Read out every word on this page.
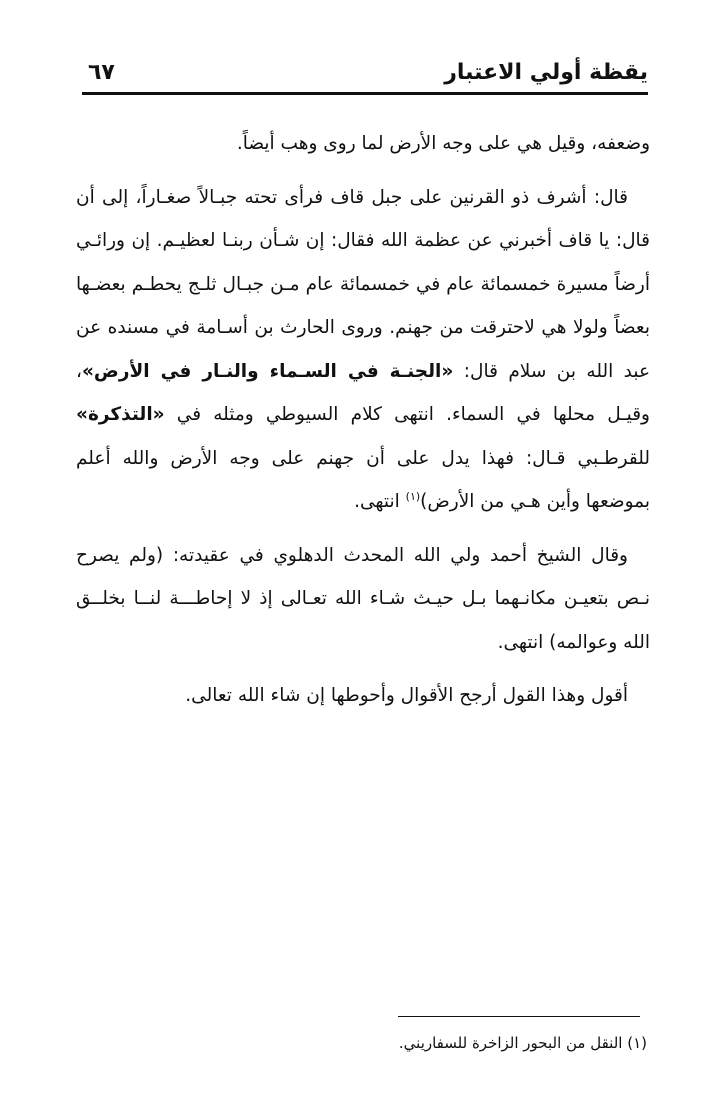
يقظة أولي الاعتبار
٦٧

وضعفه، وقيل هي على وجه الأرض لما روى وهب أيضاً.

قال: أشرف ذو القرنين على جبل قاف فرأى تحته جبـالاً صغـاراً، إلى أن قال: يا قاف أخبرني عن عظمة الله فقال: إن شـأن ربنـا لعظيـم. إن ورائـي أرضاً مسيرة خمسمائة عام في خمسمائة عام مـن جبـال ثلـج يحطـم بعضـها بعضاً ولولا هي لاحترقت من جهنم. وروى الحارث بن أسـامة في مسنده عن عبد الله بن سلام قال: «الجنـة في السـماء والنـار في الأرض»، وقيـل محلها في السماء. انتهى كلام السيوطي ومثله في «التذكرة» للقرطـبي قـال: فهذا يدل على أن جهنم على وجه الأرض والله أعلم بموضعها وأين هـي من الأرض)$^{(١)}$ انتهى.

وقال الشيخ أحمد ولي الله المحدث الدهلوي في عقيدته: (ولم يصرح نـص بتعيـن مكانـهما بـل حيـث شـاء الله تعـالى إذ لا إحاطـــة لنــا بخلــق الله وعوالمه) انتهى.

أقول وهذا القول أرجح الأقوال وأحوطها إن شاء الله تعالى.

(١) النقل من البحور الزاخرة للسفاريني.
